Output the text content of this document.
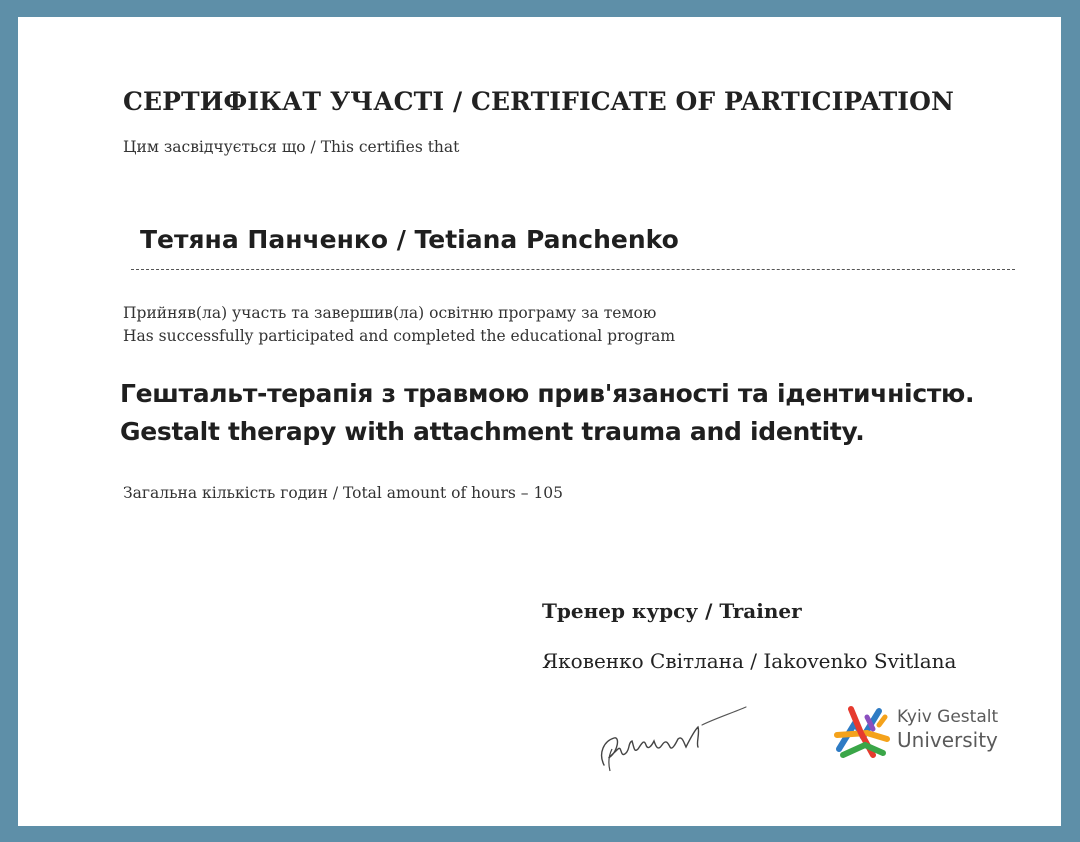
СЕРТИФІКАТ УЧАСТІ / CERTIFICATE OF PARTICIPATION
Цим засвідчується що / This certifies that
Тетяна Панченко / Tetiana Panchenko
Прийняв(ла) участь та завершив(ла) освітню програму за темою
Has successfully participated and completed the educational program
Гештальт-терапія з травмою прив'язаності та ідентичністю.
Gestalt therapy with attachment trauma and identity.
Загальна кількість годин / Total amount of hours – 105
Тренер курсу / Trainer
Яковенко Світлана / Iakovenko Svitlana
Kyiv Gestalt
University
